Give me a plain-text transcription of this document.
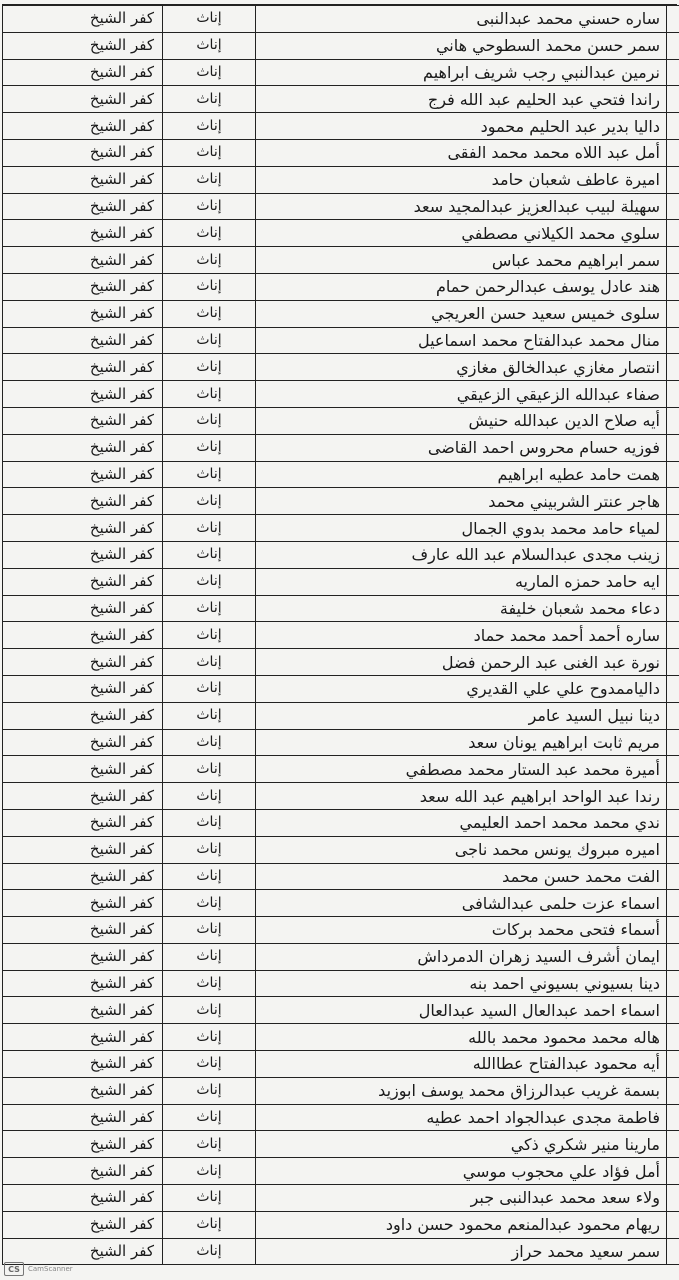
	ساره حسني محمد عبدالنبى	إناث	كفر الشيخ
	سمر حسن محمد السطوحي هاني	إناث	كفر الشيخ
	نرمين عبدالنبي رجب شريف ابراهيم	إناث	كفر الشيخ
	راندا فتحي عبد الحليم عبد الله فرج	إناث	كفر الشيخ
	داليا بدير عبد الحليم محمود	إناث	كفر الشيخ
	أمل عبد اللاه محمد محمد الفقى	إناث	كفر الشيخ
	اميرة عاطف شعبان حامد	إناث	كفر الشيخ
	سهيلة لبيب عبدالعزيز عبدالمجيد سعد	إناث	كفر الشيخ
	سلوي محمد الكيلاني مصطفي	إناث	كفر الشيخ
	سمر ابراهيم محمد عباس	إناث	كفر الشيخ
	هند عادل يوسف عبدالرحمن حمام	إناث	كفر الشيخ
	سلوى خميس سعيد حسن العريجي	إناث	كفر الشيخ
	منال محمد عبدالفتاح محمد اسماعيل	إناث	كفر الشيخ
	انتصار مغازي عبدالخالق مغازي	إناث	كفر الشيخ
	صفاء عبدالله الزعيقي الزعيقي	إناث	كفر الشيخ
	أيه صلاح الدين عبدالله حنيش	إناث	كفر الشيخ
	فوزيه حسام محروس احمد القاضى	إناث	كفر الشيخ
	همت حامد عطيه ابراهيم	إناث	كفر الشيخ
	هاجر عنتر الشربيني محمد	إناث	كفر الشيخ
	لمياء حامد محمد بدوي الجمال	إناث	كفر الشيخ
	زينب مجدى عبدالسلام عبد الله عارف	إناث	كفر الشيخ
	ايه حامد حمزه الماريه	إناث	كفر الشيخ
	دعاء محمد شعبان خليفة	إناث	كفر الشيخ
	ساره أحمد أحمد محمد حماد	إناث	كفر الشيخ
	نورة عبد الغنى عبد الرحمن فضل	إناث	كفر الشيخ
	دالياممدوح علي علي القديري	إناث	كفر الشيخ
	دينا نبيل السيد عامر	إناث	كفر الشيخ
	مريم ثابت ابراهيم يونان سعد	إناث	كفر الشيخ
	أميرة محمد عبد الستار محمد مصطفي	إناث	كفر الشيخ
	رندا عبد الواحد ابراهيم عبد الله سعد	إناث	كفر الشيخ
	ندي محمد محمد احمد العليمي	إناث	كفر الشيخ
	اميره مبروك يونس محمد ناجى	إناث	كفر الشيخ
	الفت محمد حسن محمد	إناث	كفر الشيخ
	اسماء عزت حلمى عبدالشافى	إناث	كفر الشيخ
	أسماء فتحى محمد بركات	إناث	كفر الشيخ
	ايمان أشرف السيد زهران الدمرداش	إناث	كفر الشيخ
	دينا بسيوني بسيوني احمد بنه	إناث	كفر الشيخ
	اسماء احمد عبدالعال السيد عبدالعال	إناث	كفر الشيخ
	هاله محمد محمود محمد بالله	إناث	كفر الشيخ
	أيه محمود عبدالفتاح عطاالله	إناث	كفر الشيخ
	بسمة غريب عبدالرزاق محمد يوسف ابوزيد	إناث	كفر الشيخ
	فاطمة مجدى عبدالجواد احمد عطيه	إناث	كفر الشيخ
	مارينا منير شكري ذكي	إناث	كفر الشيخ
	أمل فؤاد علي محجوب موسي	إناث	كفر الشيخ
	ولاء سعد محمد عبدالنبى جبر	إناث	كفر الشيخ
	ريهام محمود عبدالمنعم محمود حسن داود	إناث	كفر الشيخ
	سمر سعيد محمد حراز	إناث	كفر الشيخ
CS	CamScanner
